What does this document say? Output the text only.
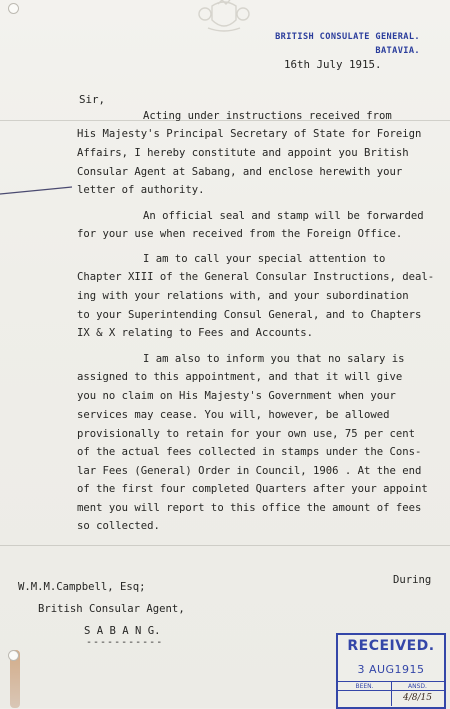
BRITISH CONSULATE GENERAL.
BATAVIA.
16th July 1915.
Sir,
Acting under instructions received from
His Majesty's Principal Secretary of State for Foreign
Affairs, I hereby constitute and appoint you British
Consular Agent at Sabang, and enclose herewith your
letter of authority.
An official seal and stamp will be forwarded
for your use when received from the Foreign Office.
I am to call your special attention to
Chapter XIII of the General Consular Instructions, deal-
ing with your relations with, and your subordination
to your Superintending Consul General, and to Chapters
IX & X relating to Fees and Accounts.
I am also to inform you that no salary is
assigned to this appointment, and that it will give
you no claim on His Majesty's Government when your
services may cease. You will, however, be allowed
provisionally to retain for your own use, 75 per cent
of the actual fees collected in stamps under the Cons-
lar Fees (General) Order in Council, 1906 . At the end
of the first four completed Quarters after your appoint
ment you will report to this office the amount of fees
so collected.
During
W.M.M.Campbell, Esq;
British Consular Agent,
S A B A N G.
-----------	RECEIVED.
3 AUG1915
BEEN.	ANSD.
4/8/15
